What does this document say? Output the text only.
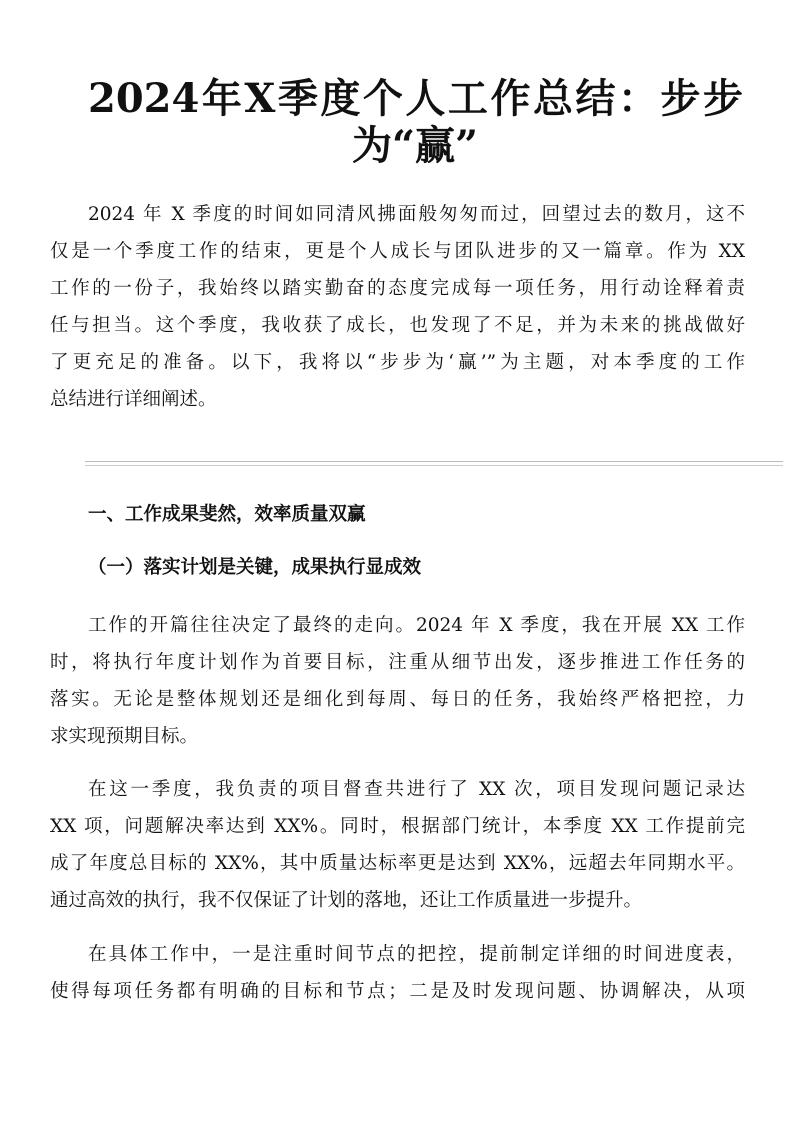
2024年X季度个人工作总结：步步
为“赢”
2024 年 X 季度的时间如同清风拂面般匆匆而过，回望过去的数月，这不
仅是一个季度工作的结束，更是个人成长与团队进步的又一篇章。作为 XX
工作的一份子，我始终以踏实勤奋的态度完成每一项任务，用行动诠释着责
任与担当。这个季度，我收获了成长，也发现了不足，并为未来的挑战做好
了更充足的准备。以下，我将以“步步为‘赢’”为主题，对本季度的工作
总结进行详细阐述。
一、工作成果斐然，效率质量双赢
（一）落实计划是关键，成果执行显成效
工作的开篇往往决定了最终的走向。2024 年 X 季度，我在开展 XX 工作
时，将执行年度计划作为首要目标，注重从细节出发，逐步推进工作任务的
落实。无论是整体规划还是细化到每周、每日的任务，我始终严格把控，力
求实现预期目标。
在这一季度，我负责的项目督查共进行了 XX 次，项目发现问题记录达
XX 项，问题解决率达到 XX%。同时，根据部门统计，本季度 XX 工作提前完
成了年度总目标的 XX%，其中质量达标率更是达到 XX%，远超去年同期水平。
通过高效的执行，我不仅保证了计划的落地，还让工作质量进一步提升。
在具体工作中，一是注重时间节点的把控，提前制定详细的时间进度表，
使得每项任务都有明确的目标和节点；二是及时发现问题、协调解决，从项
